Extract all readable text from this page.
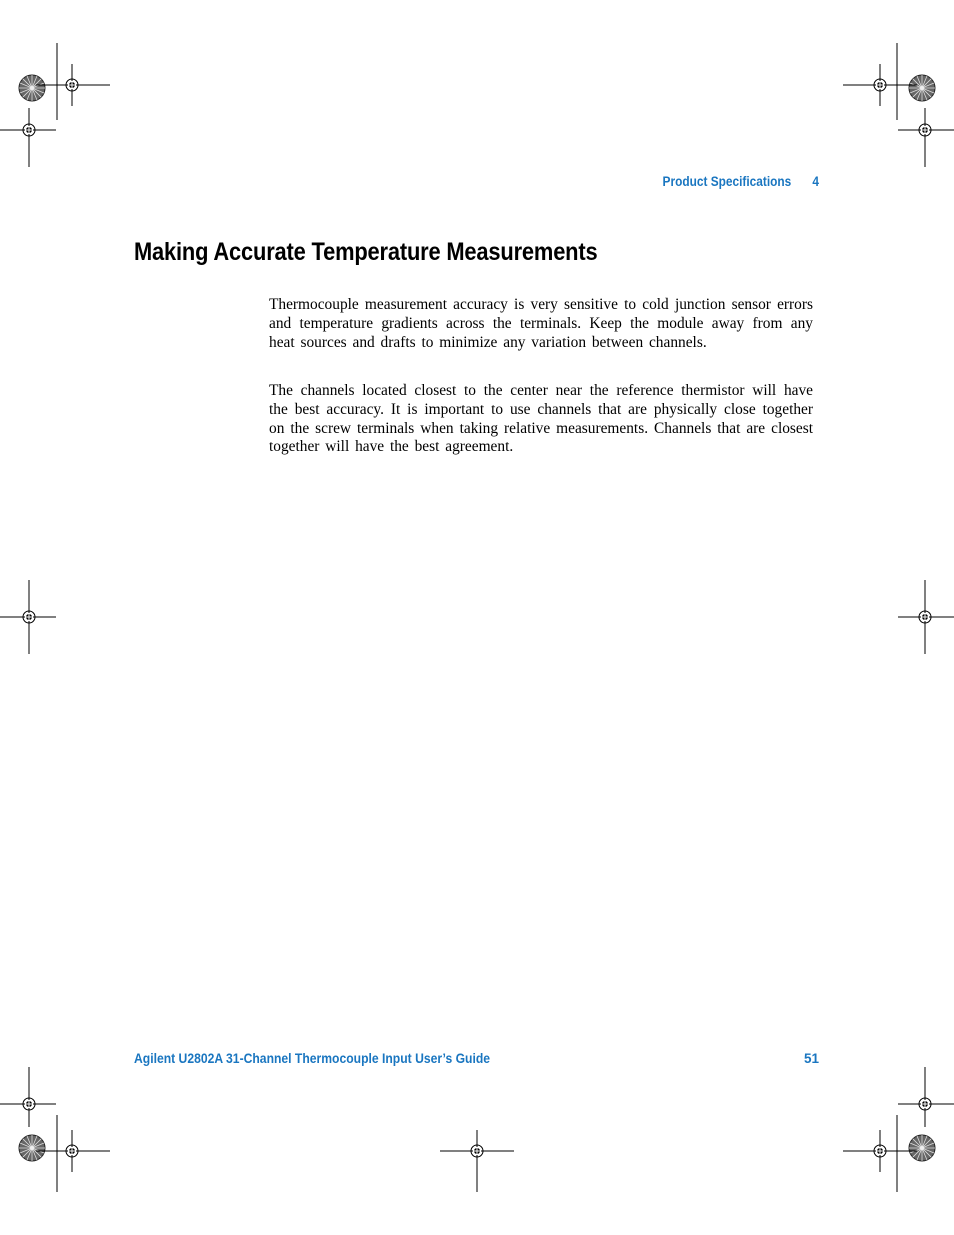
Product Specifications 4
Making Accurate Temperature Measurements

Thermocouple measurement accuracy is very sensitive to cold junction sensor errors and temperature gradients across the terminals. Keep the module away from any heat sources and drafts to minimize any variation between channels.

The channels located closest to the center near the reference thermistor will have the best accuracy. It is important to use channels that are physically close together on the screw terminals when taking relative measurements. Channels that are closest together will have the best agreement.

Agilent U2802A 31-Channel Thermocouple Input User’s Guide	51
